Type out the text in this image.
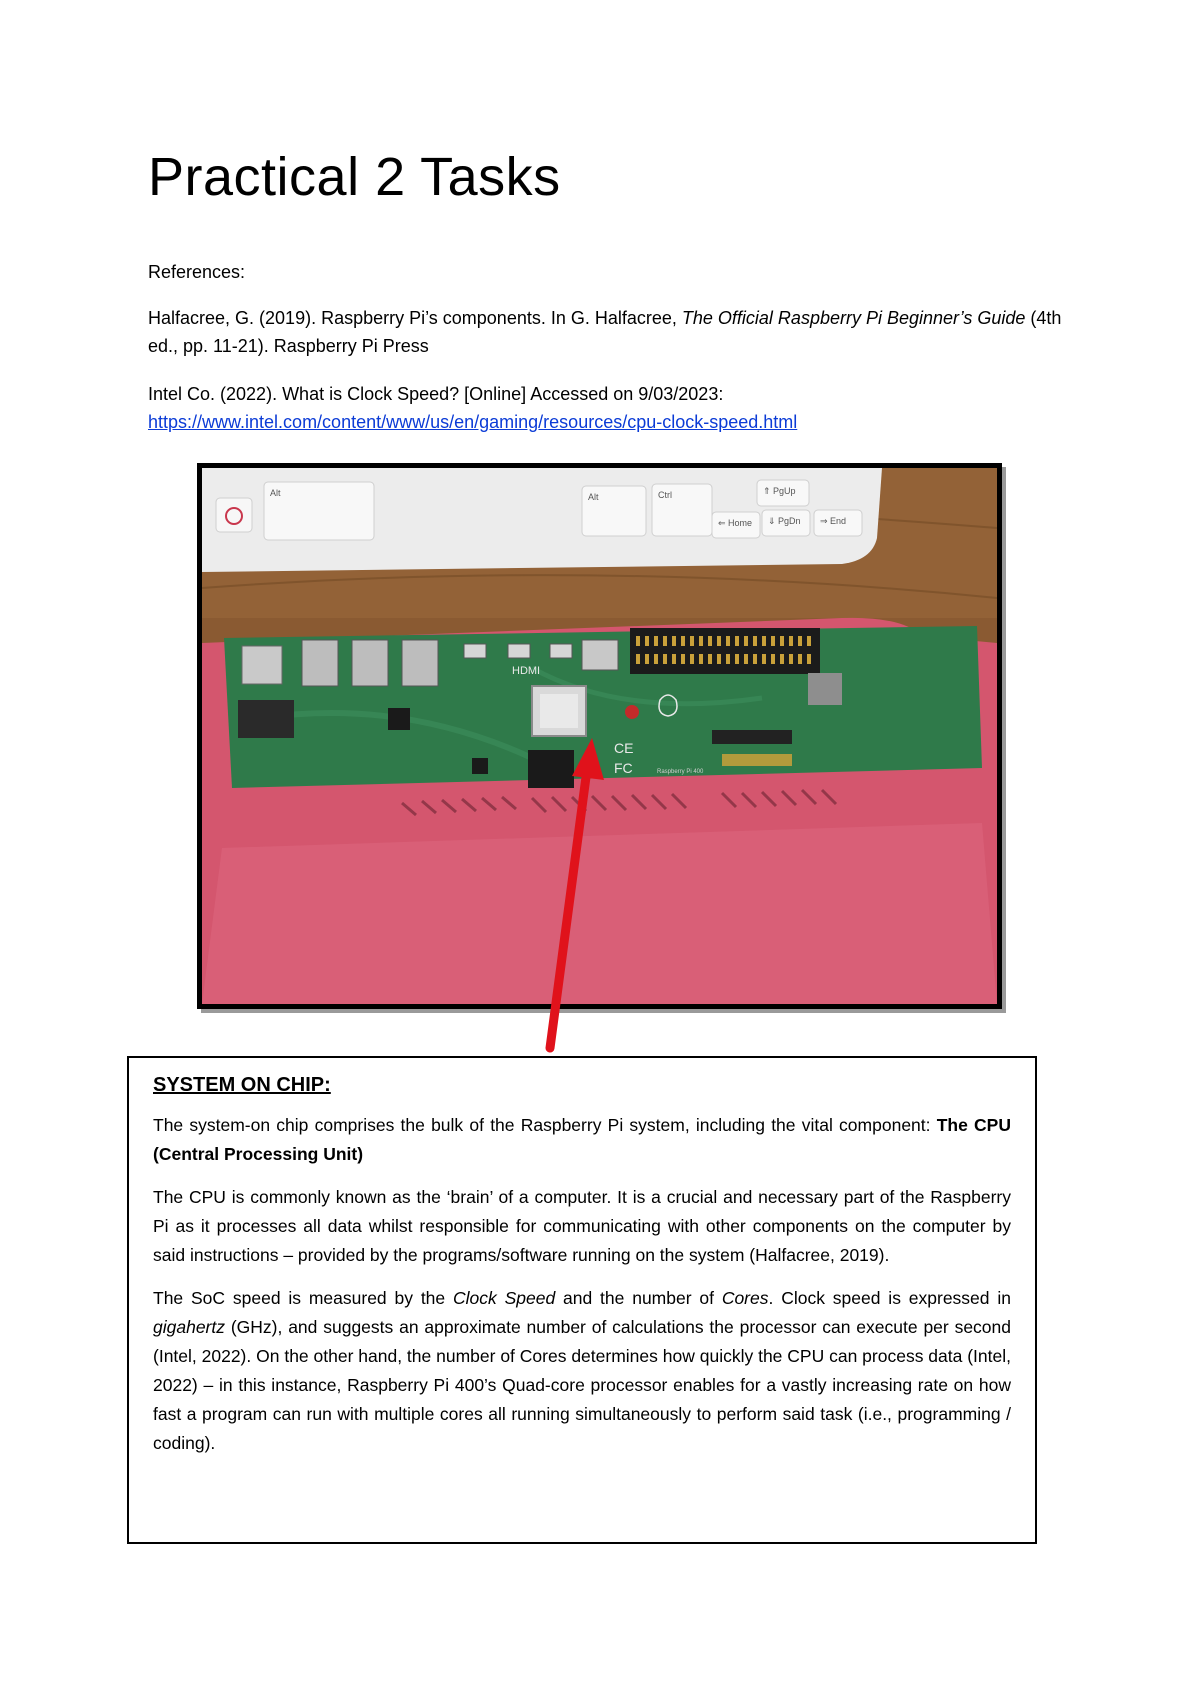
Practical 2 Tasks
References:
Halfacree, G. (2019). Raspberry Pi’s components. In G. Halfacree, The Official Raspberry Pi Beginner’s Guide (4th ed., pp. 11-21). Raspberry Pi Press
Intel Co. (2022). What is Clock Speed? [Online] Accessed on 9/03/2023:
https://www.intel.com/content/www/us/en/gaming/resources/cpu-clock-speed.html
Alt	Alt	Ctrl	⇑ PgUp
⇐ Home ⇓ PgDn ⇒ End
HDMI
CE
FC	Raspberry Pi 400
SYSTEM ON CHIP:

The system-on chip comprises the bulk of the Raspberry Pi system, including the vital component: The CPU (Central Processing Unit)

The CPU is commonly known as the ‘brain’ of a computer. It is a crucial and necessary part of the Raspberry Pi as it processes all data whilst responsible for communicating with other components on the computer by said instructions – provided by the programs/software running on the system (Halfacree, 2019).

The SoC speed is measured by the Clock Speed and the number of Cores. Clock speed is expressed in gigahertz (GHz), and suggests an approximate number of calculations the processor can execute per second (Intel, 2022). On the other hand, the number of Cores determines how quickly the CPU can process data (Intel, 2022) – in this instance, Raspberry Pi 400’s Quad-core processor enables for a vastly increasing rate on how fast a program can run with multiple cores all running simultaneously to perform said task (i.e., programming / coding).
